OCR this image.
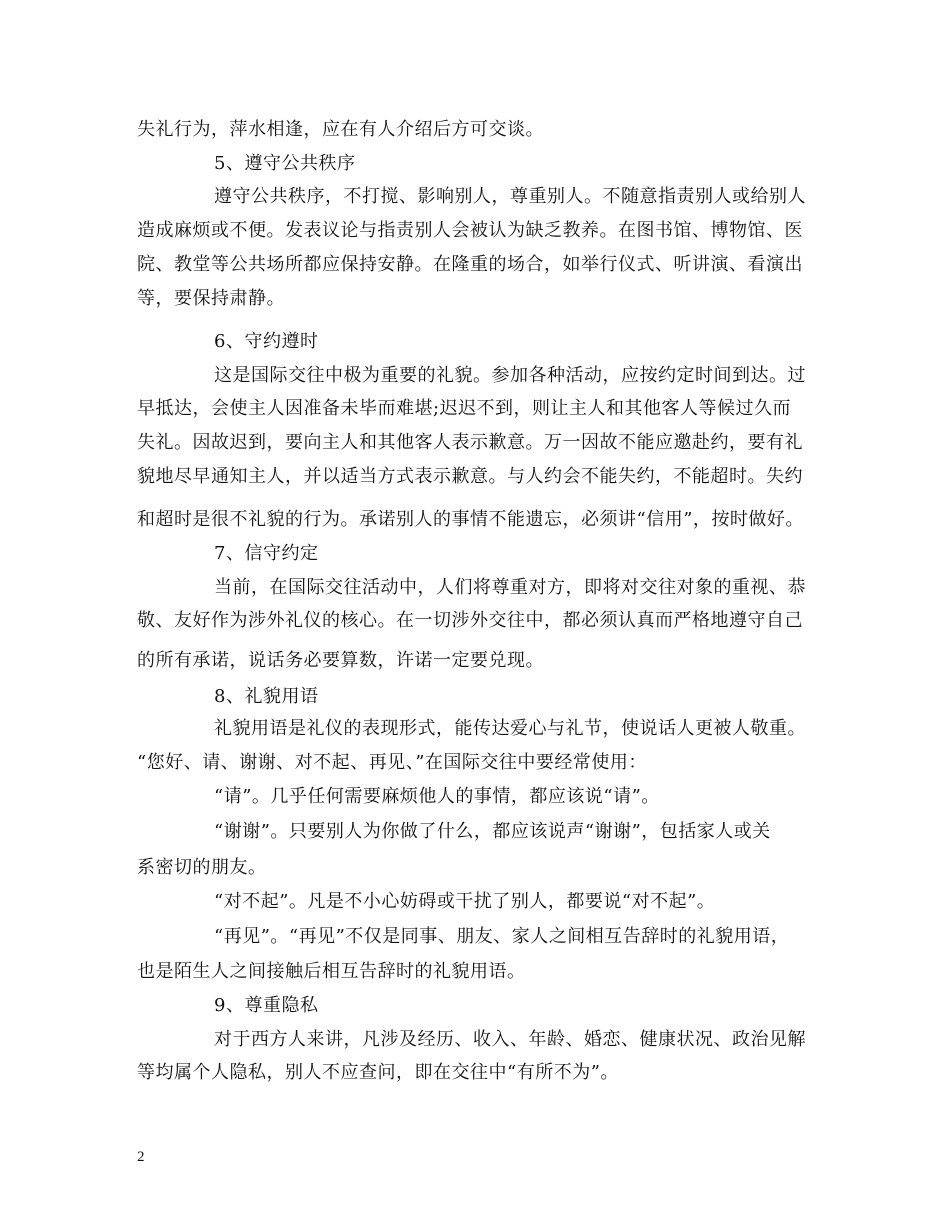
失礼行为，萍水相逢，应在有人介绍后方可交谈。
5、遵守公共秩序
遵守公共秩序，不打搅、影响别人，尊重别人。不随意指责别人或给别人
造成麻烦或不便。发表议论与指责别人会被认为缺乏教养。在图书馆、博物馆、医
院、教堂等公共场所都应保持安静。在隆重的场合，如举行仪式、听讲演、看演出
等，要保持肃静。
6、守约遵时
这是国际交往中极为重要的礼貌。参加各种活动，应按约定时间到达。过
早抵达，会使主人因准备未毕而难堪;迟迟不到，则让主人和其他客人等候过久而
失礼。因故迟到，要向主人和其他客人表示歉意。万一因故不能应邀赴约，要有礼
貌地尽早通知主人，并以适当方式表示歉意。与人约会不能失约，不能超时。失约
和超时是很不礼貌的行为。承诺别人的事情不能遗忘，必须讲“信用”，按时做好。
7、信守约定
当前，在国际交往活动中，人们将尊重对方，即将对交往对象的重视、恭
敬、友好作为涉外礼仪的核心。在一切涉外交往中，都必须认真而严格地遵守自己
的所有承诺，说话务必要算数，许诺一定要兑现。
8、礼貌用语
礼貌用语是礼仪的表现形式，能传达爱心与礼节，使说话人更被人敬重。
“您好、请、谢谢、对不起、再见、”在国际交往中要经常使用：
“请”。几乎任何需要麻烦他人的事情，都应该说“请”。
“谢谢”。只要别人为你做了什么，都应该说声“谢谢”，包括家人或关
系密切的朋友。
“对不起”。凡是不小心妨碍或干扰了别人，都要说“对不起”。
“再见”。“再见”不仅是同事、朋友、家人之间相互告辞时的礼貌用语，
也是陌生人之间接触后相互告辞时的礼貌用语。
9、尊重隐私
对于西方人来讲，凡涉及经历、收入、年龄、婚恋、健康状况、政治见解
等均属个人隐私，别人不应查问，即在交往中“有所不为”。
2
